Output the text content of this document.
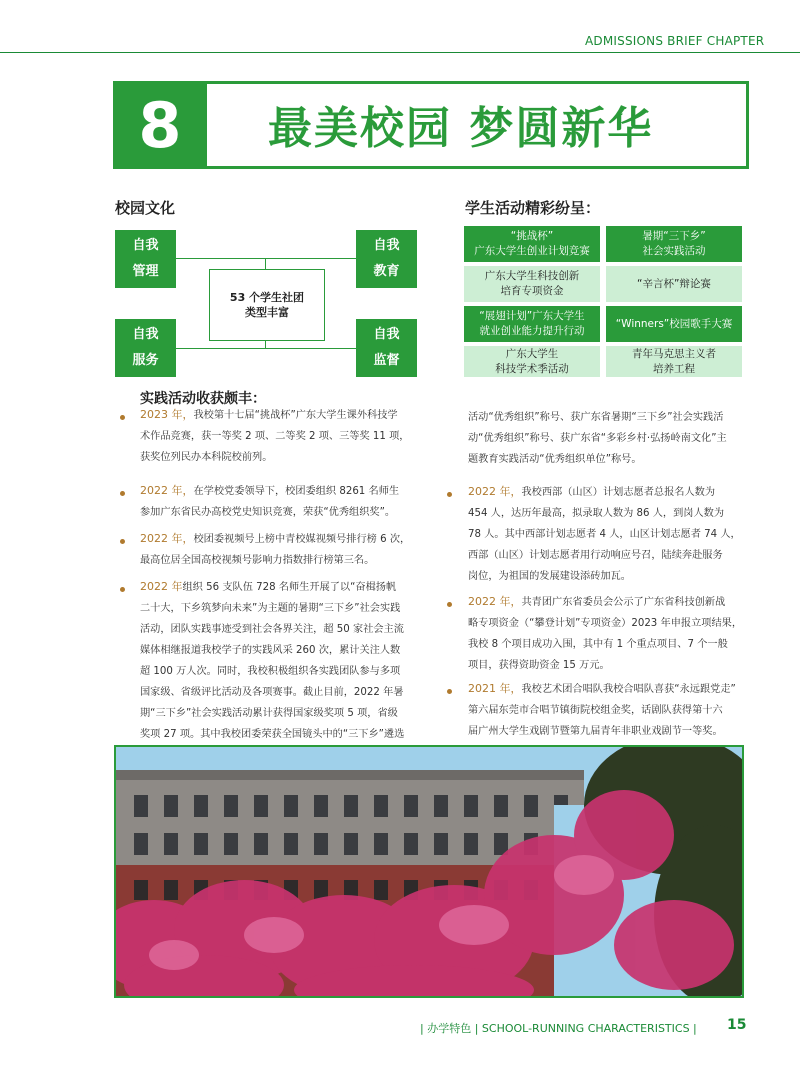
ADMISSIONS BRIEF CHAPTER
8	最美校园 梦圆新华
校园文化
自我
管理
自我
教育
自我
服务
自我
监督
53 个学生社团
类型丰富
学生活动精彩纷呈：
“挑战杯”
广东大学生创业计划竞赛
暑期“三下乡”
社会实践活动
广东大学生科技创新
培育专项资金
“辛言杯”辩论赛
“展翅计划”广东大学生
就业创业能力提升行动
“Winners”校园歌手大赛
广东大学生
科技学术季活动
青年马克思主义者
培养工程
实践活动收获颇丰：
2023 年，我校第十七届“挑战杯”广东大学生课外科技学
术作品竞赛，获一等奖 2 项、二等奖 2 项、三等奖 11 项，
获奖位列民办本科院校前列。
2022 年，在学校党委领导下，校团委组织 8261 名师生
参加广东省民办高校党史知识竞赛，荣获“优秀组织奖”。
2022 年，校团委视频号上榜中青校媒视频号排行榜 6 次，
最高位居全国高校视频号影响力指数排行榜第三名。
2022 年组织 56 支队伍 728 名师生开展了以“奋楫扬帆
二十大，下乡筑梦向未来”为主题的暑期“三下乡”社会实践
活动，团队实践事迹受到社会各界关注，超 50 家社会主流
媒体相继报道我校学子的实践风采 260 次，累计关注人数
超 100 万人次。同时，我校积极组织各实践团队参与多项
国家级、省级评比活动及各项赛事。截止目前，2022 年暑
期“三下乡”社会实践活动累计获得国家级奖项 5 项，省级
奖项 27 项。其中我校团委荣获全国镜头中的“三下乡”遴选
活动“优秀组织”称号、获广东省暑期“三下乡”社会实践活
动“优秀组织”称号、获广东省“多彩乡村·弘扬岭南文化”主
题教育实践活动“优秀组织单位”称号。
2022 年，我校西部（山区）计划志愿者总报名人数为
454 人，达历年最高，拟录取人数为 86 人，到岗人数为
78 人。其中西部计划志愿者 4 人，山区计划志愿者 74 人，
西部（山区）计划志愿者用行动响应号召，陆续奔赴服务
岗位，为祖国的发展建设添砖加瓦。
2022 年，共青团广东省委员会公示了广东省科技创新战
略专项资金（“攀登计划”专项资金）2023 年申报立项结果，
我校 8 个项目成功入围，其中有 1 个重点项目、7 个一般
项目，获得资助资金 15 万元。
2021 年，我校艺术团合唱队我校合唱队喜获“永远跟党走”
第六届东莞市合唱节镇街院校组金奖，话剧队获得第十六
届广州大学生戏剧节暨第九届青年非职业戏剧节一等奖。
| 办学特色 | SCHOOL-RUNNING CHARACTERISTICS | 15
